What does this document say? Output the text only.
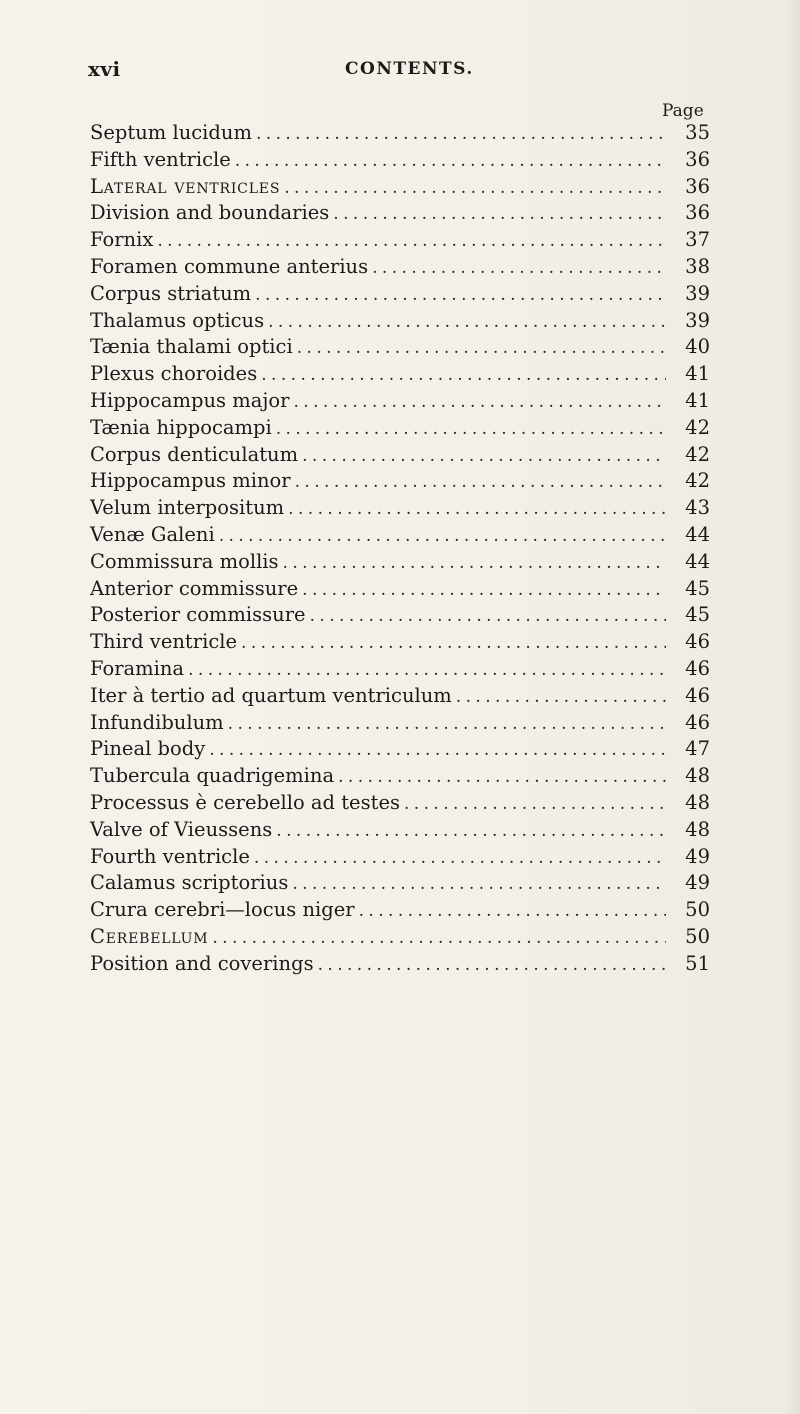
xvi	CONTENTS.
Page
Septum lucidum . . .	35
Fifth ventricle . . .	36
Lateral ventricles . . .	36
Division and boundaries . . .	36
Fornix . . .	37
Foramen commune anterius . . .	38
Corpus striatum . . .	39
Thalamus opticus . . .	39
Tænia thalami optici . . .	40
Plexus choroides . . .	41
Hippocampus major . . .	41
Tænia hippocampi . . .	42
Corpus denticulatum . . .	42
Hippocampus minor . . .	42
Velum interpositum . . .	43
Venæ Galeni . . .	44
Commissura mollis . . .	44
Anterior commissure . . .	45
Posterior commissure . . .	45
Third ventricle . . .	46
Foramina . . .	46
Iter à tertio ad quartum ventriculum . . .	46
Infundibulum . . .	46
Pineal body . . .	47
Tubercula quadrigemina . . .	48
Processus è cerebello ad testes . . .	48
Valve of Vieussens . . .	48
Fourth ventricle . . .	49
Calamus scriptorius . . .	49
Crura cerebri—locus niger . . .	50
Cerebellum . . .	50
Position and coverings . . .	51
